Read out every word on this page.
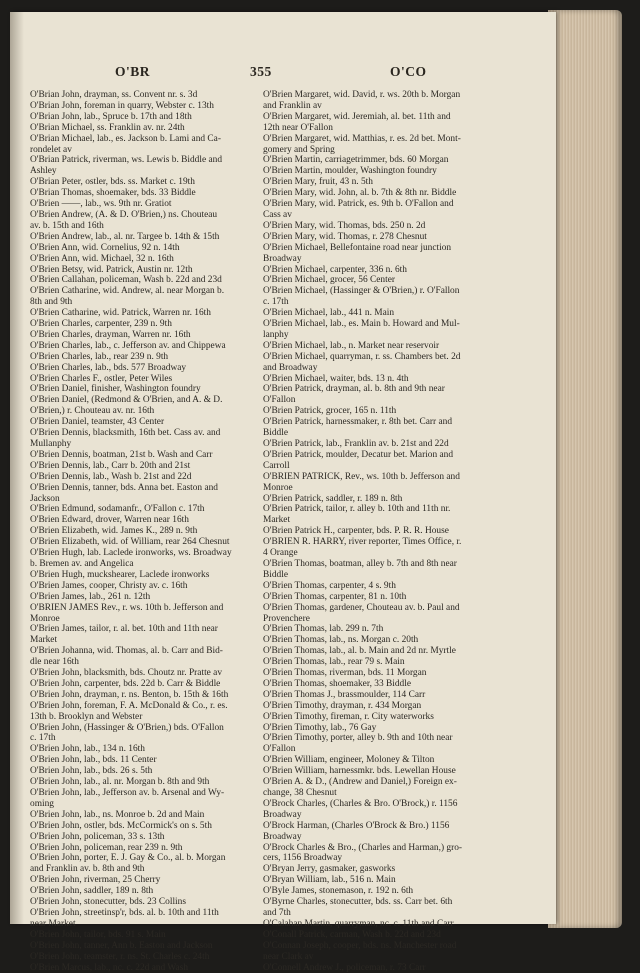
O'BR	355	O'CO
O'Brian John, drayman, ss. Convent nr. s. 3d
O'Brian John, foreman in quarry, Webster c. 13th
O'Brian John, lab., Spruce b. 17th and 18th
O'Brian Michael, ss. Franklin av. nr. 24th
O'Brian Michael, lab., es. Jackson b. Lami and Ca-
rondelet av
O'Brian Patrick, riverman, ws. Lewis b. Biddle and
Ashley
O'Brian Peter, ostler, bds. ss. Market c. 19th
O'Brian Thomas, shoemaker, bds. 33 Biddle
O'Brien ——, lab., ws. 9th nr. Gratiot
O'Brien Andrew, (A. & D. O'Brien,) ns. Chouteau
av. b. 15th and 16th
O'Brien Andrew, lab., al. nr. Targee b. 14th & 15th
O'Brien Ann, wid. Cornelius, 92 n. 14th
O'Brien Ann, wid. Michael, 32 n. 16th
O'Brien Betsy, wid. Patrick, Austin nr. 12th
O'Brien Callahan, policeman, Wash b. 22d and 23d
O'Brien Catharine, wid. Andrew, al. near Morgan b.
8th and 9th
O'Brien Catharine, wid. Patrick, Warren nr. 16th
O'Brien Charles, carpenter, 239 n. 9th
O'Brien Charles, drayman, Warren nr. 16th
O'Brien Charles, lab., c. Jefferson av. and Chippewa
O'Brien Charles, lab., rear 239 n. 9th
O'Brien Charles, lab., bds. 577 Broadway
O'Brien Charles F., ostler, Peter Wiles
O'Brien Daniel, finisher, Washington foundry
O'Brien Daniel, (Redmond & O'Brien, and A. & D.
O'Brien,) r. Chouteau av. nr. 16th
O'Brien Daniel, teamster, 43 Center
O'Brien Dennis, blacksmith, 16th bet. Cass av. and
Mullanphy
O'Brien Dennis, boatman, 21st b. Wash and Carr
O'Brien Dennis, lab., Carr b. 20th and 21st
O'Brien Dennis, lab., Wash b. 21st and 22d
O'Brien Dennis, tanner, bds. Anna bet. Easton and
Jackson
O'Brien Edmund, sodamanfr., O'Fallon c. 17th
O'Brien Edward, drover, Warren near 16th
O'Brien Elizabeth, wid. James K., 289 n. 9th
O'Brien Elizabeth, wid. of William, rear 264 Chesnut
O'Brien Hugh, lab. Laclede ironworks, ws. Broadway
b. Bremen av. and Angelica
O'Brien Hugh, muckshearer, Laclede ironworks
O'Brien James, cooper, Christy av. c. 16th
O'Brien James, lab., 261 n. 12th
O'BRIEN JAMES Rev., r. ws. 10th b. Jefferson and
Monroe
O'Brien James, tailor, r. al. bet. 10th and 11th near
Market
O'Brien Johanna, wid. Thomas, al. b. Carr and Bid-
dle near 16th
O'Brien John, blacksmith, bds. Choutz nr. Pratte av
O'Brien John, carpenter, bds. 22d b. Carr & Biddle
O'Brien John, drayman, r. ns. Benton, b. 15th & 16th
O'Brien John, foreman, F. A. McDonald & Co., r. es.
13th b. Brooklyn and Webster
O'Brien John, (Hassinger & O'Brien,) bds. O'Fallon
c. 17th
O'Brien John, lab., 134 n. 16th
O'Brien John, lab., bds. 11 Center
O'Brien John, lab., bds. 26 s. 5th
O'Brien John, lab., al. nr. Morgan b. 8th and 9th
O'Brien John, lab., Jefferson av. b. Arsenal and Wy-
oming
O'Brien John, lab., ns. Monroe b. 2d and Main
O'Brien John, ostler, bds. McCormick's on s. 5th
O'Brien John, policeman, 33 s. 13th
O'Brien John, policeman, rear 239 n. 9th
O'Brien John, porter, E. J. Gay & Co., al. b. Morgan
and Franklin av. b. 8th and 9th
O'Brien John, riverman, 25 Cherry
O'Brien John, saddler, 189 n. 8th
O'Brien John, stonecutter, bds. 23 Collins
O'Brien John, streetinsp'r, bds. al. b. 10th and 11th
near Market
O'Brien John, tailor, bds. 91 s. Main
O'Brien John, tanner, Ann b. Easton and Jackson
O'Brien John, teamster, r. ns. St. Charles c. 24th
O'Brien Marcus, lab., nc. c. 22d and Wash
O'Brien Margaret, wid. David, r. ws. 20th b. Morgan
and Franklin av
O'Brien Margaret, wid. Jeremiah, al. bet. 11th and
12th near O'Fallon
O'Brien Margaret, wid. Matthias, r. es. 2d bet. Mont-
gomery and Spring
O'Brien Martin, carriagetrimmer, bds. 60 Morgan
O'Brien Martin, moulder, Washington foundry
O'Brien Mary, fruit, 43 n. 5th
O'Brien Mary, wid. John, al. b. 7th & 8th nr. Biddle
O'Brien Mary, wid. Patrick, es. 9th b. O'Fallon and
Cass av
O'Brien Mary, wid. Thomas, bds. 250 n. 2d
O'Brien Mary, wid. Thomas, r. 278 Chesnut
O'Brien Michael, Bellefontaine road near junction
Broadway
O'Brien Michael, carpenter, 336 n. 6th
O'Brien Michael, grocer, 56 Center
O'Brien Michael, (Hassinger & O'Brien,) r. O'Fallon
c. 17th
O'Brien Michael, lab., 441 n. Main
O'Brien Michael, lab., es. Main b. Howard and Mul-
lanphy
O'Brien Michael, lab., n. Market near reservoir
O'Brien Michael, quarryman, r. ss. Chambers bet. 2d
and Broadway
O'Brien Michael, waiter, bds. 13 n. 4th
O'Brien Patrick, drayman, al. b. 8th and 9th near
O'Fallon
O'Brien Patrick, grocer, 165 n. 11th
O'Brien Patrick, harnessmaker, r. 8th bet. Carr and
Biddle
O'Brien Patrick, lab., Franklin av. b. 21st and 22d
O'Brien Patrick, moulder, Decatur bet. Marion and
Carroll
O'BRIEN PATRICK, Rev., ws. 10th b. Jefferson and
Monroe
O'Brien Patrick, saddler, r. 189 n. 8th
O'Brien Patrick, tailor, r. alley b. 10th and 11th nr.
Market
O'Brien Patrick H., carpenter, bds. P. R. R. House
O'BRIEN R. HARRY, river reporter, Times Office, r.
4 Orange
O'Brien Thomas, boatman, alley b. 7th and 8th near
Biddle
O'Brien Thomas, carpenter, 4 s. 9th
O'Brien Thomas, carpenter, 81 n. 10th
O'Brien Thomas, gardener, Chouteau av. b. Paul and
Provenchere
O'Brien Thomas, lab. 299 n. 7th
O'Brien Thomas, lab., ns. Morgan c. 20th
O'Brien Thomas, lab., al. b. Main and 2d nr. Myrtle
O'Brien Thomas, lab., rear 79 s. Main
O'Brien Thomas, riverman, bds. 11 Morgan
O'Brien Thomas, shoemaker, 33 Biddle
O'Brien Thomas J., brassmoulder, 114 Carr
O'Brien Timothy, drayman, r. 434 Morgan
O'Brien Timothy, fireman, r. City waterworks
O'Brien Timothy, lab., 76 Gay
O'Brien Timothy, porter, alley b. 9th and 10th near
O'Fallon
O'Brien William, engineer, Moloney & Tilton
O'Brien William, harnessmkr. bds. Lewellan House
O'Brien A. & D., (Andrew and Daniel,) Foreign ex-
change, 38 Chesnut
O'Brock Charles, (Charles & Bro. O'Brock,) r. 1156
Broadway
O'Brock Harman, (Charles O'Brock & Bro.) 1156
Broadway
O'Brock Charles & Bro., (Charles and Harman,) gro-
cers, 1156 Broadway
O'Bryan Jerry, gasmaker, gasworks
O'Bryan William, lab., 516 n. Main
O'Byle James, stonemason, r. 192 n. 6th
O'Byrne Charles, stonecutter, bds. ss. Carr bet. 6th
and 7th
O'Calahan Martin, quarryman, nc. c. 11th and Carr
O'Conall Patrick, carman, Wash b. 22d and 23d
O'Connan Joseph, cooper, bds. ns. Manchester road
near Clark av
O'Connell Andrew J., policeman, r. 73 Carr
